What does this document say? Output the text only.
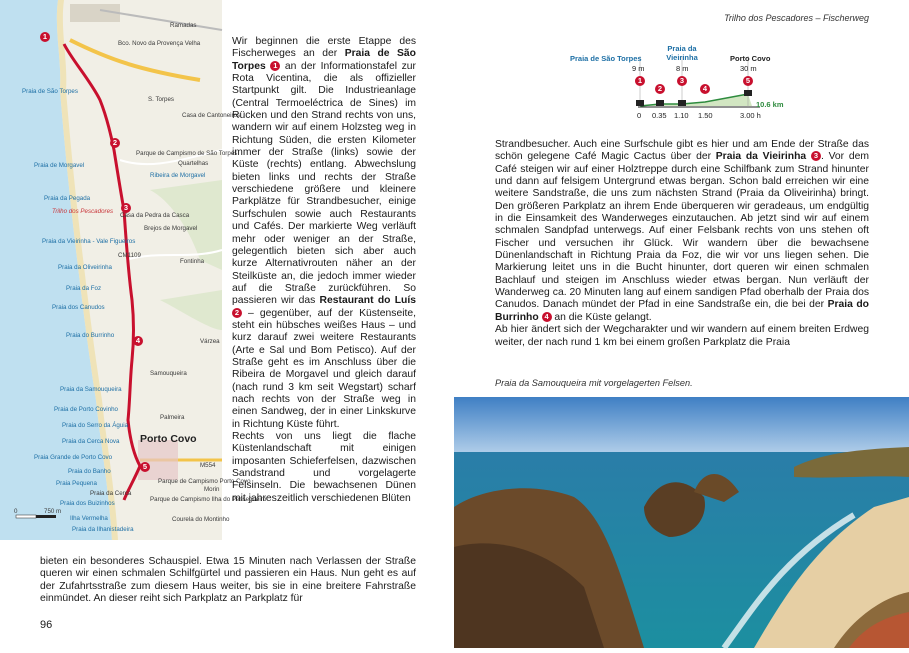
Trilho dos Pescadores – Fischerweg
1
2
3
4
5
Ramadas
Bco. Novo da Provença Velha
Praia de São Torpes
S. Torpes
Casa de Cantoneiros
Parque de Campismo de São Torpes
Praia de Morgavel	Quartelhas
Ribeira de Morgavel
Praia da Pegada
Trilho dos Pescadores
Casa da Pedra da Casca
Brejos de Morgavel
Praia da Vieirinha - Vale Figueiros
Praia da Oliveirinha
CM1109
Fontinha
Praia da Foz
Praia dos Canudos
Praia do Burrinho
Várzea
Samouqueira
Praia da Samouqueira
Palmeira
Praia de Porto Covinho
Praia do Serro da Águia
Praia da Cerca Nova
Praia Grande de Porto Covo
Praia do Banho
Praia Pequena
Praia dos Buizinhos
Ilha Vermelha
Praia da Ilhanistadeira
Porto Covo
M554
Parque de Campismo Porto Covo
Praia da Cerca
Parque de Campismo Ilha do Pessegueiro
Morin
Courela do Montinho
0	750 m

Wir beginnen die erste Etappe des Fischerweges an der Praia de São Torpes 1 an der Informationstafel zur Rota Vicentina, die als offizieller Startpunkt gilt. Die Industrieanlage (Central Termoeléctrica de Sines) im Rücken und den Strand rechts von uns, wandern wir auf einem Holzsteg weg in Richtung Süden, die ersten Kilometer immer der Straße (links) sowie der Küste (rechts) entlang. Abwechslung bieten links und rechts der Straße verschiedene größere und kleinere Parkplätze für Strandbesucher, einige Surfschulen sowie auch Restaurants und Cafés. Der markierte Weg verläuft mehr oder weniger an der Straße, gelegentlich bieten sich aber auch kurze Alternativrouten näher an der Steilküste an, die jedoch immer wieder auf die Straße zurückführen. So passieren wir das Restaurant do Luís 2 – gegenüber, auf der Küstenseite, steht ein hübsches weißes Haus – und kurz darauf zwei weitere Restaurants (Arte e Sal und Bom Petisco). Auf der Straße geht es im Anschluss über die Ribeira de Morgavel und gleich darauf (nach rund 3 km seit Wegstart) scharf nach rechts von der Straße weg in einen Sandweg, der in einer Linkskurve in Richtung Küste führt.

Rechts von uns liegt die flache Küstenlandschaft mit einigen imposanten Schieferfelsen, dazwischen Sandstrand und vorgelagerte Felsinseln. Die bewachsenen Dünen mit jahreszeitlich verschiedenen Blüten

bieten ein besonderes Schauspiel. Etwa 15 Minuten nach Verlassen der Straße queren wir einen schmalen Schilfgürtel und passieren ein Haus. Nun geht es auf der Zufahrtsstraße zum diesem Haus weiter, bis sie in eine breitere Fahrstraße einmündet. An dieser reiht sich Parkplatz an Parkplatz für
96
Praia de São Torpes
9 m
Praia da Vieirinha
8 m
Porto Covo
30 m
1
2
3
4
5
0 0.35 1.10 1.50	3.00 h
10.6 km

Strandbesucher. Auch eine Surfschule gibt es hier und am Ende der Straße das schön gelegene Café Magic Cactus über der Praia da Vieirinha 3 . Vor dem Café steigen wir auf einer Holztreppe durch eine Schilfbank zum Strand hinunter und dann auf felsigem Untergrund etwas bergan. Schon bald erreichen wir eine weitere Sandstraße, die uns zum nächsten Strand (Praia da Oliveirinha) bringt. Den größeren Parkplatz an ihrem Ende überqueren wir geradeaus, um endgültig in die Einsamkeit des Wanderweges einzutauchen. Ab jetzt sind wir auf einem schmalen Sandpfad unterwegs. Auf einer Felsbank rechts von uns stehen oft Fischer und versuchen ihr Glück. Wir wandern über die bewachsene Dünenlandschaft in Richtung Praia da Foz, die wir vor uns liegen sehen. Die Markierung leitet uns in die Bucht hinunter, dort queren wir einen schmalen Bachlauf und steigen im Anschluss wieder etwas bergan. Nun verläuft der Wanderweg ca. 20 Minuten lang auf einem sandigen Pfad oberhalb der Praia dos Canudos. Danach mündet der Pfad in eine Sandstraße ein, die bei der Praia do Burrinho 4 an die Küste gelangt.

Ab hier ändert sich der Wegcharakter und wir wandern auf einem breiten Erdweg weiter, der nach rund 1 km bei einem großen Parkplatz die Praia

Praia da Samouqueira mit vorgelagerten Felsen.
